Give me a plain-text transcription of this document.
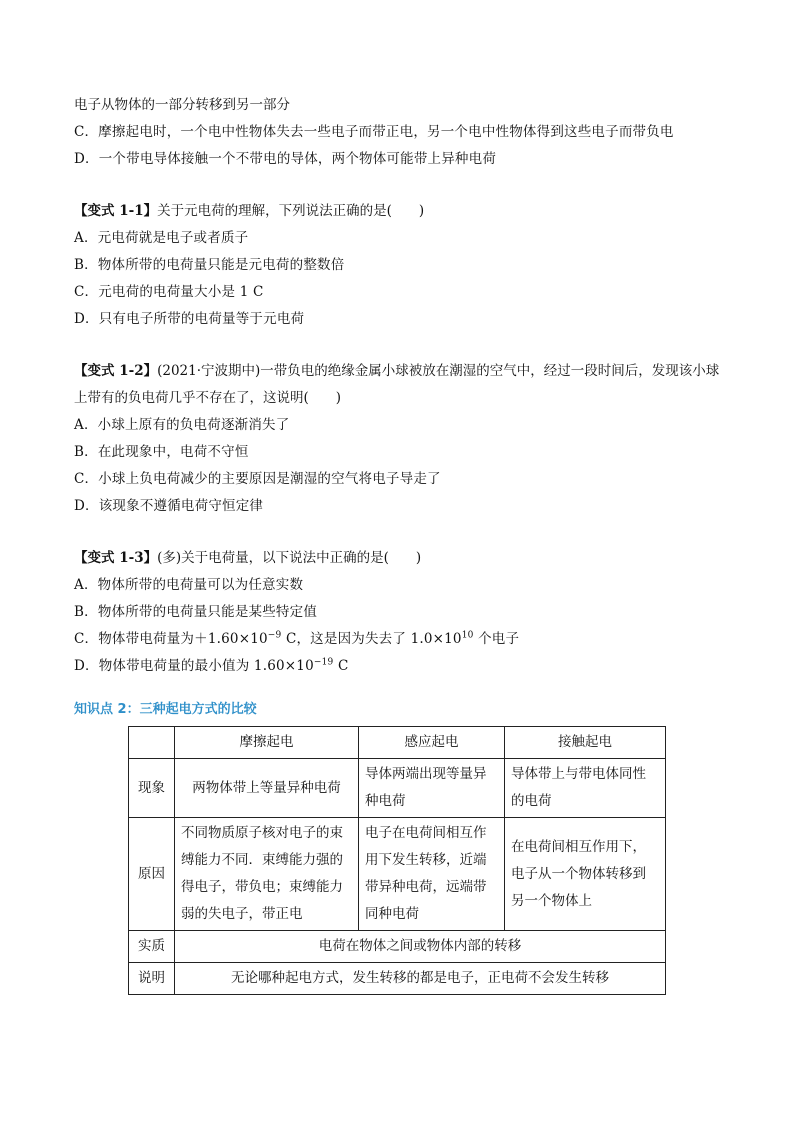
电子从物体的一部分转移到另一部分
C．摩擦起电时，一个电中性物体失去一些电子而带正电，另一个电中性物体得到这些电子而带负电
D．一个带电导体接触一个不带电的导体，两个物体可能带上异种电荷
【变式 1-1】关于元电荷的理解，下列说法正确的是(　　)
A．元电荷就是电子或者质子
B．物体所带的电荷量只能是元电荷的整数倍
C．元电荷的电荷量大小是 1 C
D．只有电子所带的电荷量等于元电荷
【变式 1-2】(2021·宁波期中)一带负电的绝缘金属小球被放在潮湿的空气中，经过一段时间后，发现该小球
上带有的负电荷几乎不存在了，这说明(　　)
A．小球上原有的负电荷逐渐消失了
B．在此现象中，电荷不守恒
C．小球上负电荷减少的主要原因是潮湿的空气将电子导走了
D．该现象不遵循电荷守恒定律
【变式 1-3】(多)关于电荷量，以下说法中正确的是(　　)
A．物体所带的电荷量可以为任意实数
B．物体所带的电荷量只能是某些特定值
C．物体带电荷量为$+1.60\times 10^{-9}$ C，这是因为失去了 $1.0\times 10^{10}$ 个电子
D．物体带电荷量的最小值为 $1.60\times 10^{-19}$ C
知识点 2：三种起电方式的比较
	摩擦起电	感应起电	接触起电
现象	两物体带上等量异种电荷	导体两端出现等量异种电荷	导体带上与带电体同性的电荷
原因	不同物质原子核对电子的束缚能力不同．束缚能力强的得电子，带负电；束缚能力弱的失电子，带正电	电子在电荷间相互作用下发生转移，近端带异种电荷，远端带同种电荷	在电荷间相互作用下，电子从一个物体转移到另一个物体上
实质	电荷在物体之间或物体内部的转移		
说明	无论哪种起电方式，发生转移的都是电子，正电荷不会发生转移		
